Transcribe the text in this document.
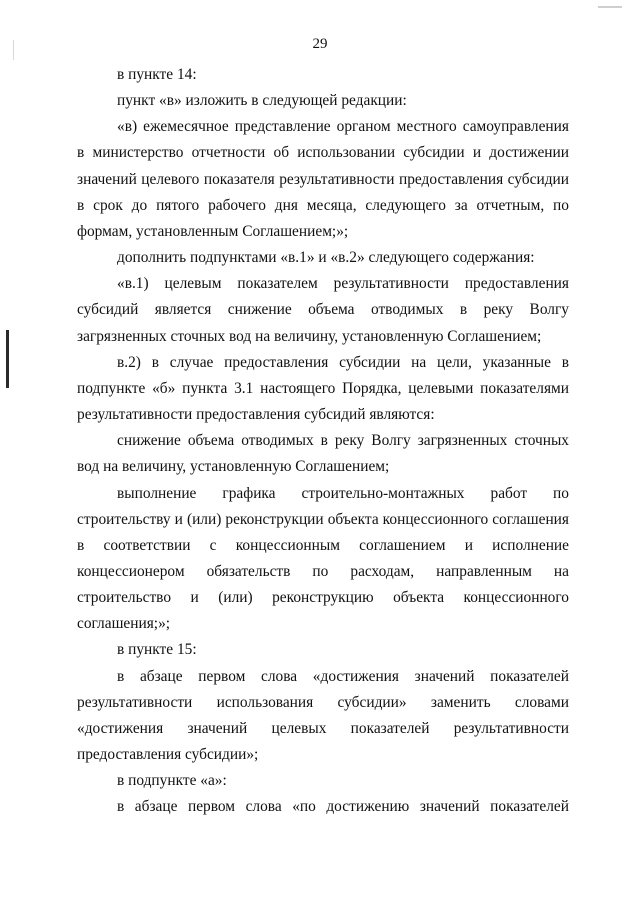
29

в пункте 14:

пункт «в» изложить в следующей редакции:

«в) ежемесячное представление органом местного самоуправления в министерство отчетности об использовании субсидии и достижении значений целевого показателя результативности предоставления субсидии в срок до пятого рабочего дня месяца, следующего за отчетным, по формам, установленным Соглашением;»;

дополнить подпунктами «в.1» и «в.2» следующего содержания:

«в.1) целевым показателем результативности предоставления субсидий является снижение объема отводимых в реку Волгу загрязненных сточных вод на величину, установленную Соглашением;

в.2) в случае предоставления субсидии на цели, указанные в подпункте «б» пункта 3.1 настоящего Порядка, целевыми показателями результативности предоставления субсидий являются:

снижение объема отводимых в реку Волгу загрязненных сточных вод на величину, установленную Соглашением;

выполнение графика строительно-монтажных работ по строительству и (или) реконструкции объекта концессионного соглашения в соответствии с концессионным соглашением и исполнение концессионером обязательств по расходам, направленным на строительство и (или) реконструкцию объекта концессионного соглашения;»;

в пункте 15:

в абзаце первом слова «достижения значений показателей результативности использования субсидии» заменить словами «достижения значений целевых показателей результативности предоставления субсидии»;

в подпункте «а»:

в абзаце первом слова «по достижению значений показателей
